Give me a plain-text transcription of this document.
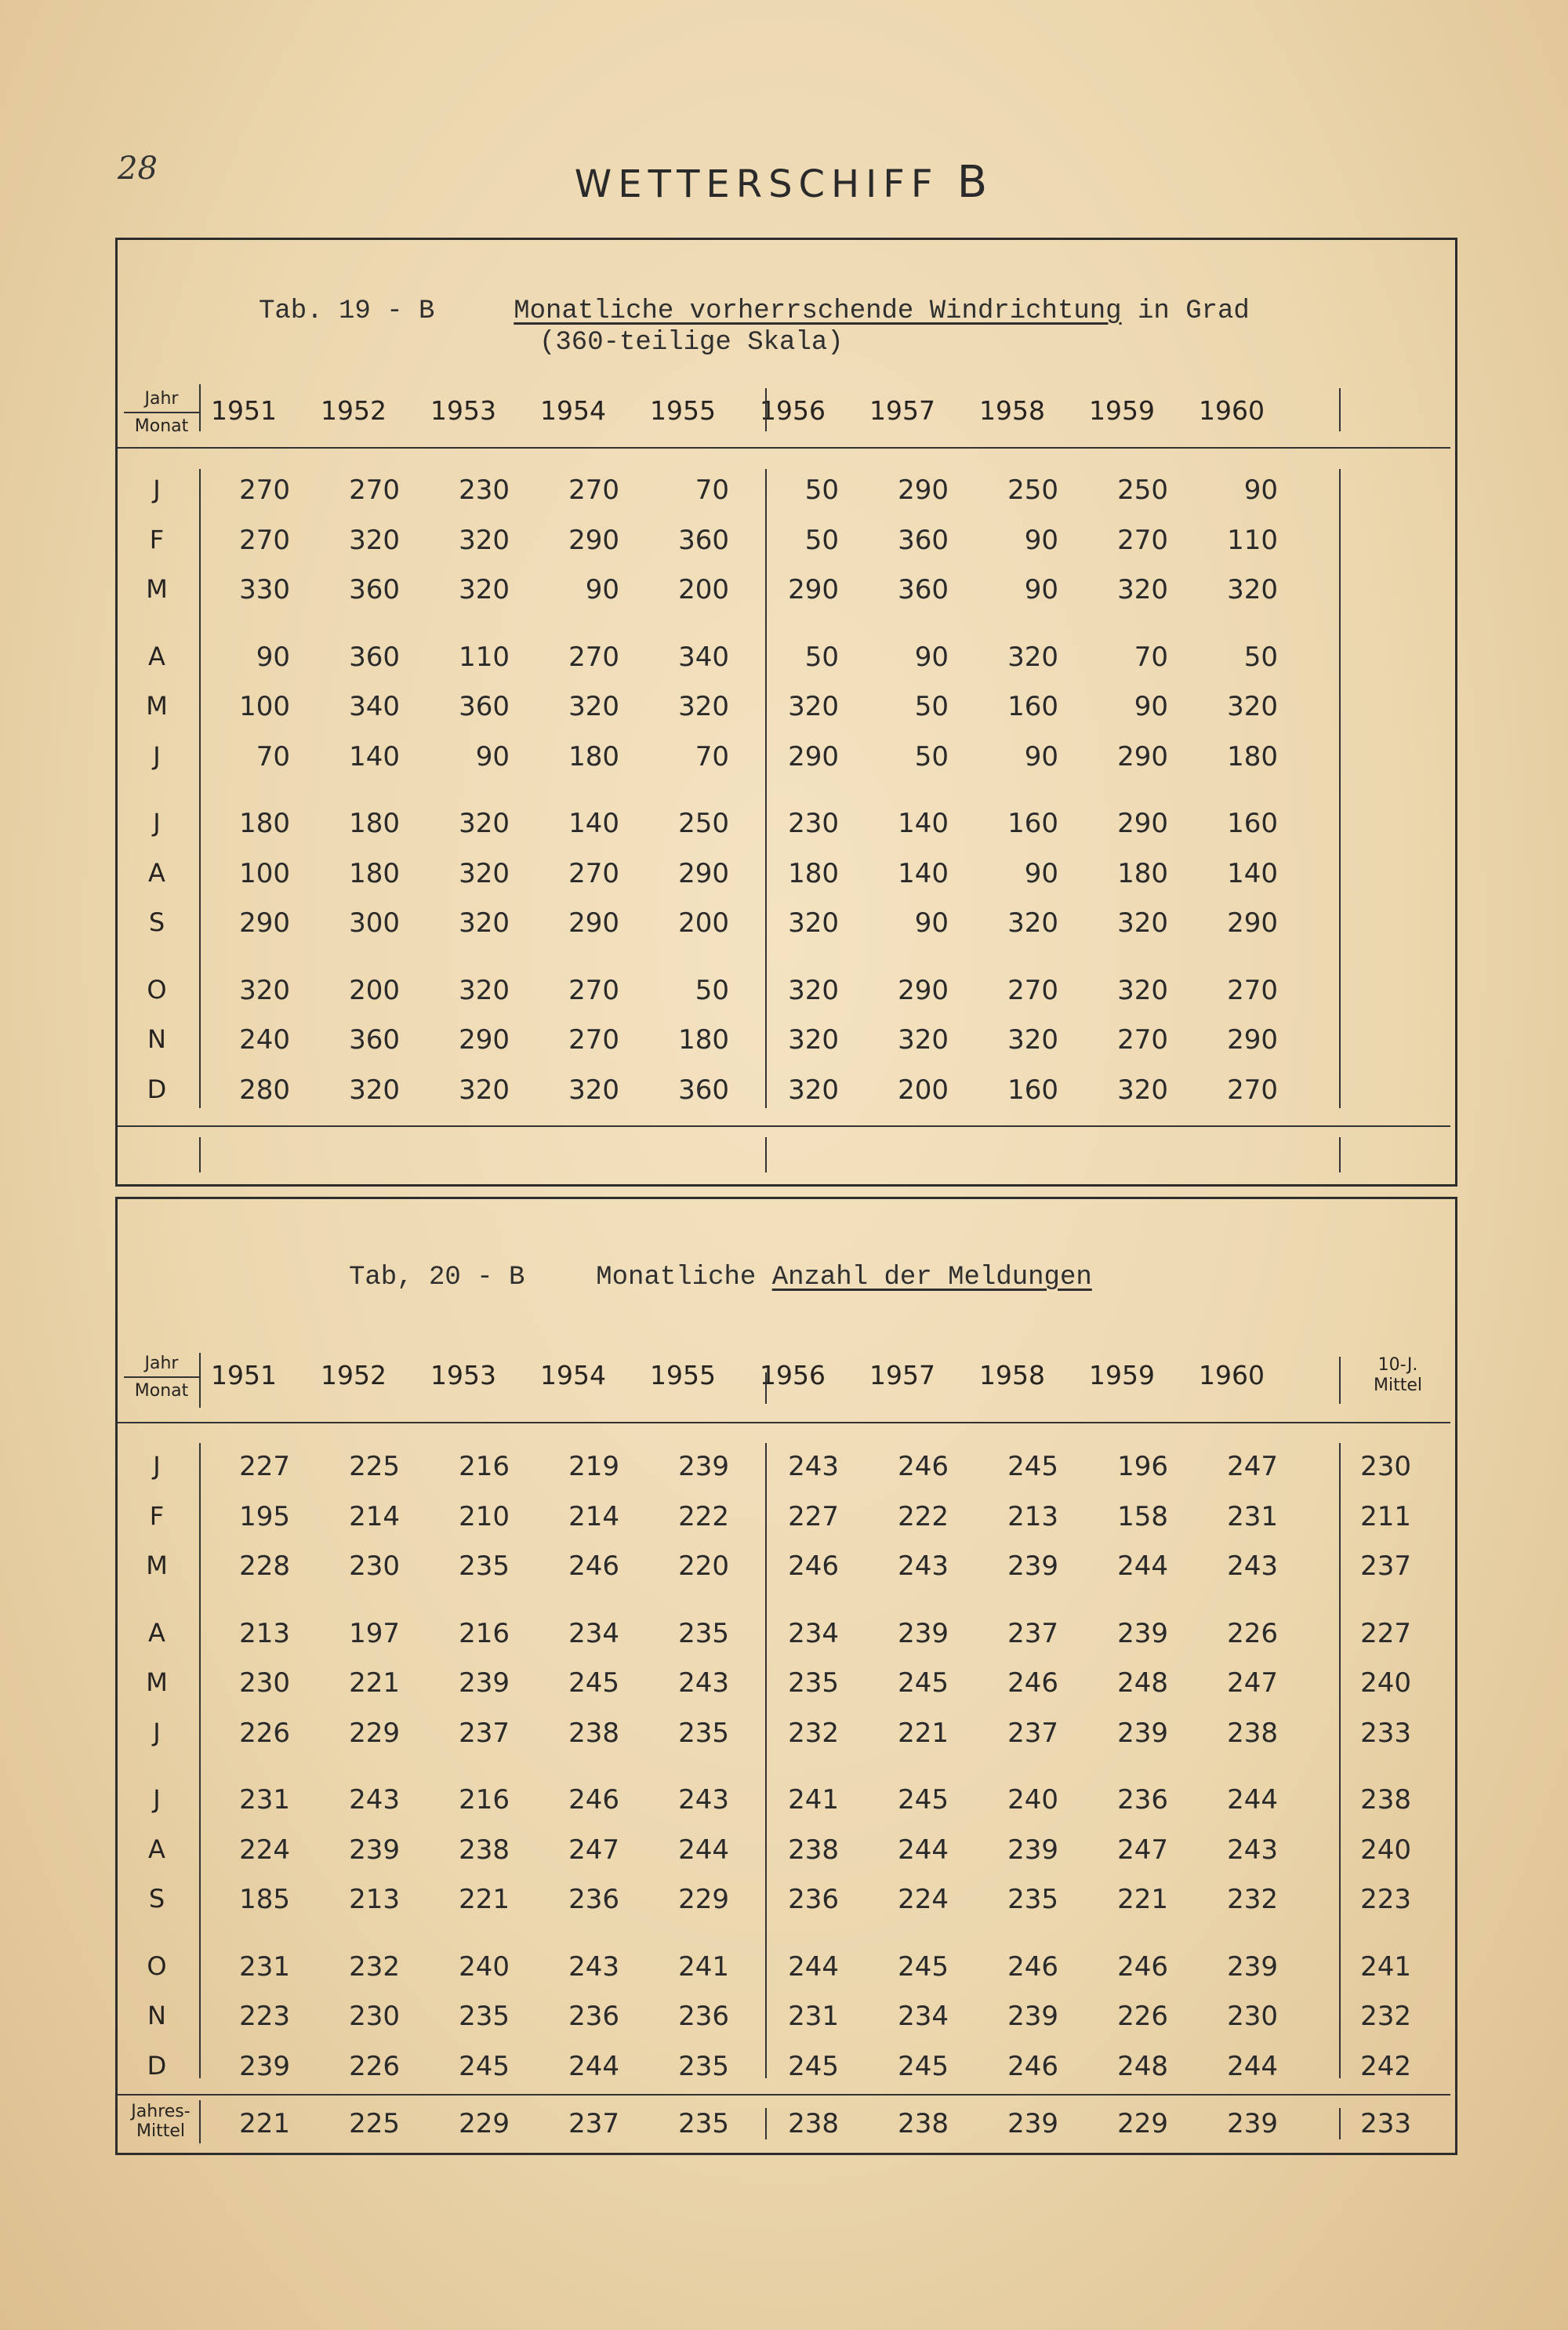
28	WETTERSCHIFF B
Tab. 19 - B	Monatliche vorherrschende Windrichtung in Grad
(360-teilige Skala)
Jahr
Monat
1951	1952	1953	1954	1955	1956	1957	1958	1959	1960
J	270	270	230	270	70	50	290	250	250	90
F	270	320	320	290	360	50	360	90	270	110
M	330	360	320	90	200	290	360	90	320	320
A	90	360	110	270	340	50	90	320	70	50
M	100	340	360	320	320	320	50	160	90	320
J	70	140	90	180	70	290	50	90	290	180
J	180	180	320	140	250	230	140	160	290	160
A	100	180	320	270	290	180	140	90	180	140
S	290	300	320	290	200	320	90	320	320	290
O	320	200	320	270	50	320	290	270	320	270
N	240	360	290	270	180	320	320	320	270	290
D	280	320	320	320	360	320	200	160	320	270
Tab, 20 - B	Monatliche Anzahl der Meldungen
Jahr
Monat
1951	1952	1953	1954	1955	1956	1957	1958	1959	1960	10-J.
Mittel
J	227	225	216	219	239	243	246	245	196	247	230
F	195	214	210	214	222	227	222	213	158	231	211
M	228	230	235	246	220	246	243	239	244	243	237
A	213	197	216	234	235	234	239	237	239	226	227
M	230	221	239	245	243	235	245	246	248	247	240
J	226	229	237	238	235	232	221	237	239	238	233
J	231	243	216	246	243	241	245	240	236	244	238
A	224	239	238	247	244	238	244	239	247	243	240
S	185	213	221	236	229	236	224	235	221	232	223
O	231	232	240	243	241	244	245	246	246	239	241
N	223	230	235	236	236	231	234	239	226	230	232
D	239	226	245	244	235	245	245	246	248	244	242
Jahres-
Mittel	221	225	229	237	235	238	238	239	229	239	233
